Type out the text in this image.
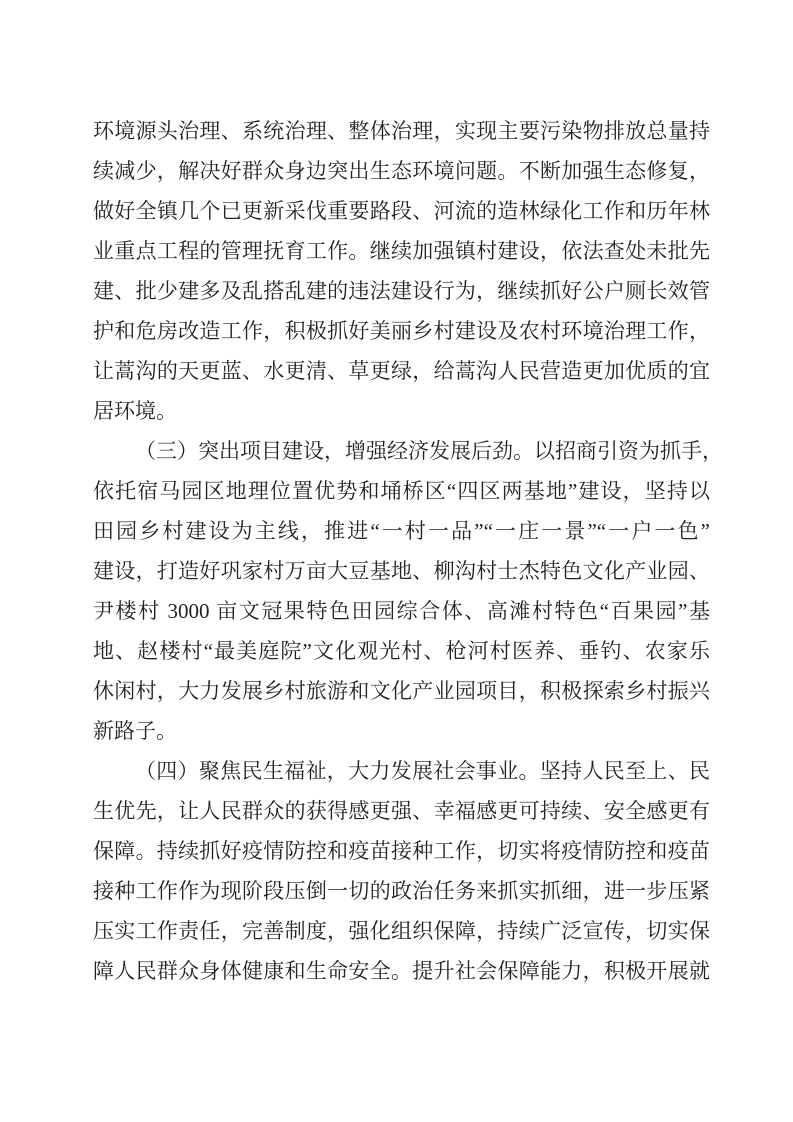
环境源头治理、系统治理、整体治理，实现主要污染物排放总量持
续减少，解决好群众身边突出生态环境问题。不断加强生态修复，
做好全镇几个已更新采伐重要路段、河流的造林绿化工作和历年林
业重点工程的管理抚育工作。继续加强镇村建设，依法查处未批先
建、批少建多及乱搭乱建的违法建设行为，继续抓好公户厕长效管
护和危房改造工作，积极抓好美丽乡村建设及农村环境治理工作，
让蒿沟的天更蓝、水更清、草更绿，给蒿沟人民营造更加优质的宜
居环境。
（三）突出项目建设，增强经济发展后劲。以招商引资为抓手，
依托宿马园区地理位置优势和埇桥区“四区两基地”建设，坚持以
田园乡村建设为主线，推进“一村一品”“一庄一景”“一户一色”
建设，打造好巩家村万亩大豆基地、柳沟村士杰特色文化产业园、
尹楼村 3000 亩文冠果特色田园综合体、高滩村特色“百果园”基
地、赵楼村“最美庭院”文化观光村、枪河村医养、垂钓、农家乐
休闲村，大力发展乡村旅游和文化产业园项目，积极探索乡村振兴
新路子。
（四）聚焦民生福祉，大力发展社会事业。坚持人民至上、民
生优先，让人民群众的获得感更强、幸福感更可持续、安全感更有
保障。持续抓好疫情防控和疫苗接种工作，切实将疫情防控和疫苗
接种工作作为现阶段压倒一切的政治任务来抓实抓细，进一步压紧
压实工作责任，完善制度，强化组织保障，持续广泛宣传，切实保
障人民群众身体健康和生命安全。提升社会保障能力，积极开展就
